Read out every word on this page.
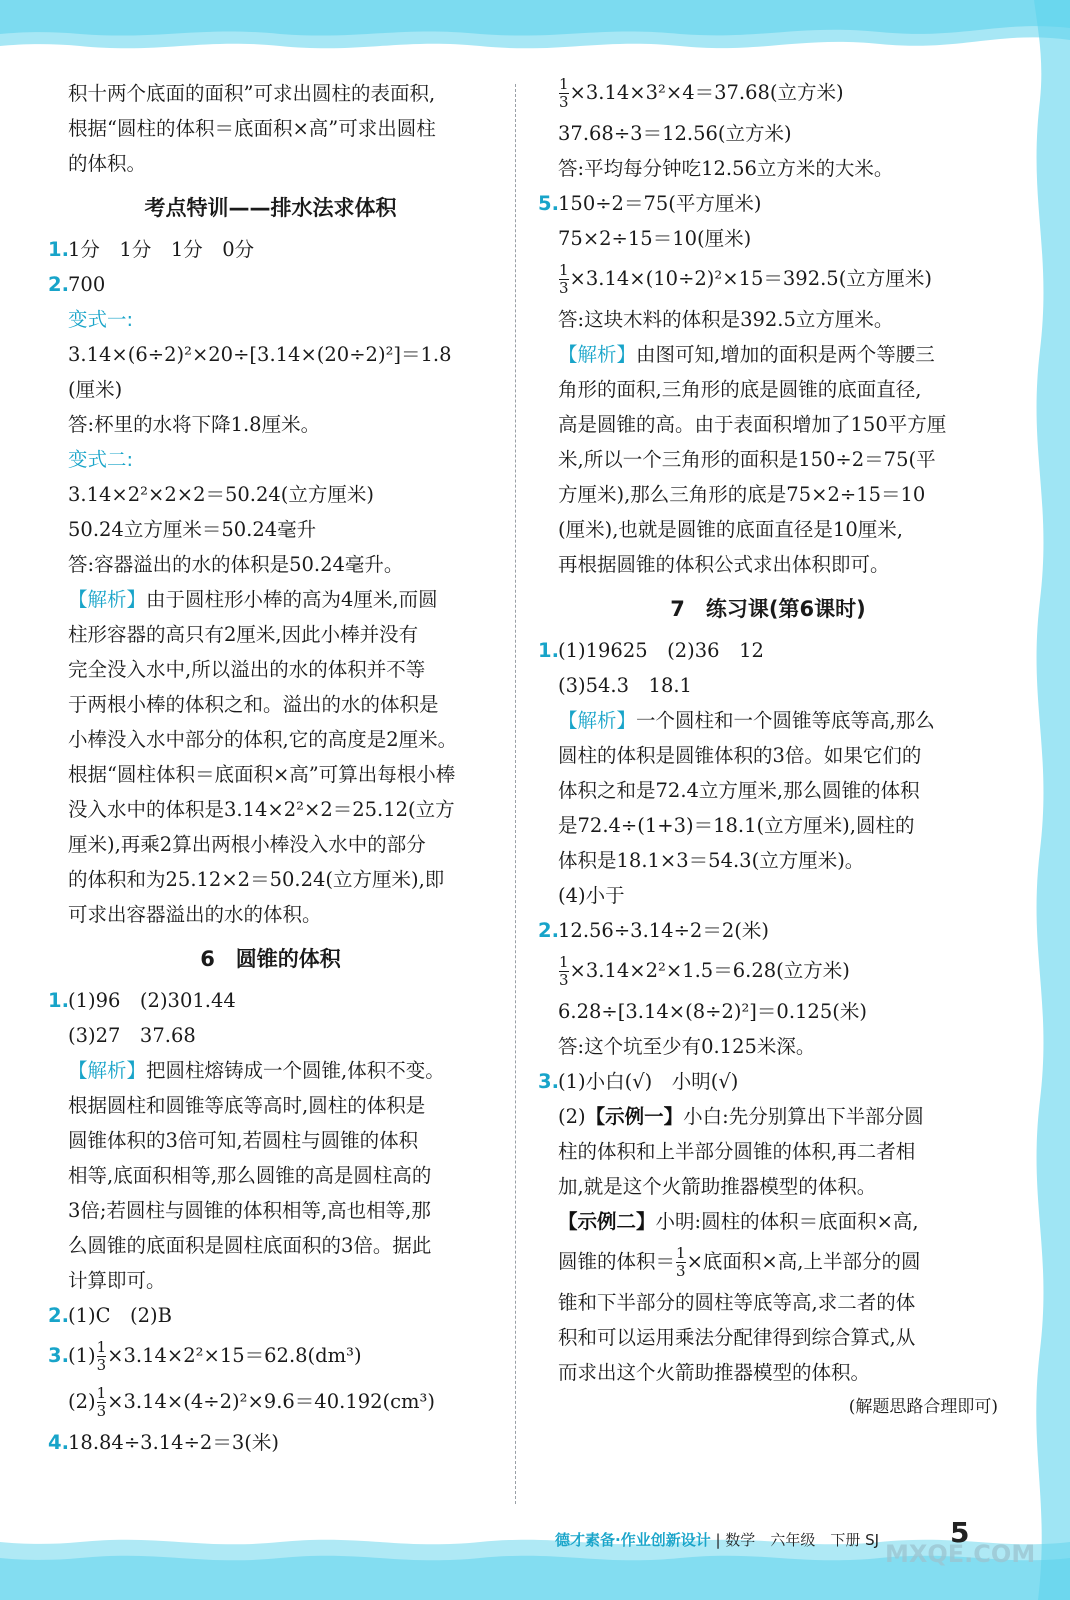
积十两个底面的面积”可求出圆柱的表面积,
根据“圆柱的体积＝底面积×高”可求出圆柱
的体积。
考点特训——排水法求体积
1.1分　1分　1分　0分
2.700
变式一:
3.14×(6÷2)²×20÷[3.14×(20÷2)²]＝1.8
(厘米)
答:杯里的水将下降1.8厘米。
变式二:
3.14×2²×2×2＝50.24(立方厘米)
50.24立方厘米＝50.24毫升
答:容器溢出的水的体积是50.24毫升。
【解析】由于圆柱形小棒的高为4厘米,而圆
柱形容器的高只有2厘米,因此小棒并没有
完全没入水中,所以溢出的水的体积并不等
于两根小棒的体积之和。溢出的水的体积是
小棒没入水中部分的体积,它的高度是2厘米。
根据“圆柱体积＝底面积×高”可算出每根小棒
没入水中的体积是3.14×2²×2＝25.12(立方
厘米),再乘2算出两根小棒没入水中的部分
的体积和为25.12×2＝50.24(立方厘米),即
可求出容器溢出的水的体积。
6　圆锥的体积
1.(1)96　(2)301.44
(3)27　37.68
【解析】把圆柱熔铸成一个圆锥,体积不变。
根据圆柱和圆锥等底等高时,圆柱的体积是
圆锥体积的3倍可知,若圆柱与圆锥的体积
相等,底面积相等,那么圆锥的高是圆柱高的
3倍;若圆柱与圆锥的体积相等,高也相等,那
么圆锥的底面积是圆柱底面积的3倍。据此
计算即可。
2.(1)C　(2)B
$3.(1) \frac{1}{3} \times 3.14\times 2^2\times 15=62.8(dm^3)$
$(2) \frac{1}{3} \times 3.14\times(4\div 2)^2\times 9.6=40.192(cm^3)$
4.18.84÷3.14÷2＝3(米)
$\frac{1}{3} \times 3.14\times 3^2\times 4=37.68$(立方米)
37.68÷3＝12.56(立方米)
答:平均每分钟吃12.56立方米的大米。
5.150÷2＝75(平方厘米)
75×2÷15＝10(厘米)
$\frac{1}{3} \times 3.14\times(10\div 2)^2\times 15=392.5$(立方厘米)
答:这块木料的体积是392.5立方厘米。
【解析】由图可知,增加的面积是两个等腰三
角形的面积,三角形的底是圆锥的底面直径,
高是圆锥的高。由于表面积增加了150平方厘
米,所以一个三角形的面积是150÷2＝75(平
方厘米),那么三角形的底是75×2÷15＝10
(厘米),也就是圆锥的底面直径是10厘米,
再根据圆锥的体积公式求出体积即可。
7　练习课(第6课时)
1.(1)19625　(2)36　12
(3)54.3　18.1
【解析】一个圆柱和一个圆锥等底等高,那么
圆柱的体积是圆锥体积的3倍。如果它们的
体积之和是72.4立方厘米,那么圆锥的体积
是72.4÷(1+3)＝18.1(立方厘米),圆柱的
体积是18.1×3＝54.3(立方厘米)。
(4)小于
2.12.56÷3.14÷2＝2(米)
$\frac{1}{3} \times 3.14\times 2^2\times 1.5=6.28$(立方米)
6.28÷[3.14×(8÷2)²]＝0.125(米)
答:这个坑至少有0.125米深。
3.(1)小白(√)　小明(√)
(2)【示例一】小白:先分别算出下半部分圆
柱的体积和上半部分圆锥的体积,再二者相
加,就是这个火箭助推器模型的体积。
【示例二】小明:圆柱的体积＝底面积×高,
圆锥的体积＝ $\frac{1}{3}$ ×底面积×高,上半部分的圆
锥和下半部分的圆柱等底等高,求二者的体
积和可以运用乘法分配律得到综合算式,从
而求出这个火箭助推器模型的体积。
(解题思路合理即可)
德才素备·作业创新设计 | 数学　 六年级　 下册 SJ	5
MXQE.COM
